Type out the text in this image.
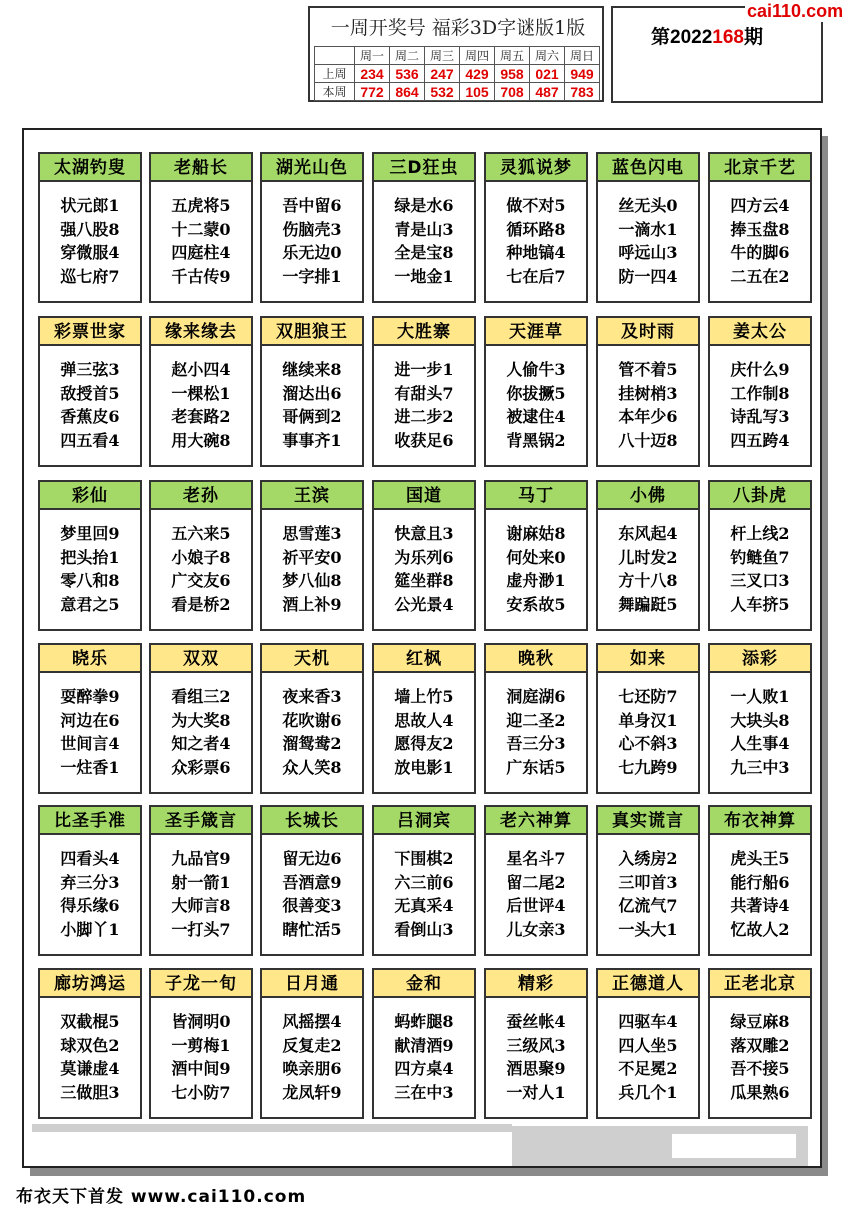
一周开奖号 福彩3D字谜版1版
	周一	周二	周三	周四	周五	周六	周日
上周	234	536	247	429	958	021	949
本周	772	864	532	105	708	487	783
第2022168期
cai110.com
太湖钓叟
状元郎1
强八股8
穿微服4
巡七府7
老船长
五虎将5
十二蒙0
四庭柱4
千古传9
湖光山色
吾中留6
伤脑壳3
乐无边0
一字排1
三D狂虫
绿是水6
青是山3
全是宝8
一地金1
灵狐说梦
做不对5
循环路8
种地镐4
七在后7
蓝色闪电
丝无头0
一滴水1
呼远山3
防一四4
北京千艺
四方云4
捧玉盘8
牛的脚6
二五在2
彩票世家
弹三弦3
敌授首5
香蕉皮6
四五看4
缘来缘去
赵小四4
一棵松1
老套路2
用大碗8
双胆狼王
继续来8
溜达出6
哥俩到2
事事齐1
大胜寨
进一步1
有甜头7
进二步2
收获足6
天涯草
人偷牛3
你拔撅5
被逮住4
背黑锅2
及时雨
管不着5
挂树梢3
本年少6
八十迈8
姜太公
庆什么9
工作制8
诗乱写3
四五跨4
彩仙
梦里回9
把头抬1
零八和8
意君之5
老孙
五六来5
小娘子8
广交友6
看是桥2
王滨
思雪莲3
祈平安0
梦八仙8
酒上补9
国道
快意且3
为乐列6
筵坐群8
公光景4
马丁
谢麻姑8
何处来0
虚舟渺1
安系故5
小佛
东风起4
儿时发2
方十八8
舞蹁跹5
八卦虎
杆上线2
钓鲢鱼7
三叉口3
人车挤5
晓乐
耍醉拳9
河边在6
世间言4
一炷香1
双双
看组三2
为大奖8
知之者4
众彩票6
天机
夜来香3
花吹谢6
溜鸳鸯2
众人笑8
红枫
墙上竹5
思故人4
愿得友2
放电影1
晚秋
洞庭湖6
迎二圣2
吾三分3
广东话5
如来
七还防7
单身汉1
心不斜3
七九跨9
添彩
一人败1
大块头8
人生事4
九三中3
比圣手准
四看头4
弃三分3
得乐缘6
小脚丫1
圣手箴言
九品官9
射一箭1
大师言8
一打头7
长城长
留无边6
吾酒意9
很善变3
瞎忙活5
吕洞宾
下围棋2
六三前6
无真采4
看倒山3
老六神算
星名斗7
留二尾2
后世评4
儿女亲3
真实谎言
入绣房2
三叩首3
亿流气7
一头大1
布衣神算
虎头王5
能行船6
共著诗4
忆故人2
廊坊鸿运
双截棍5
球双色2
莫谦虚4
三做胆3
子龙一旬
皆洞明0
一剪梅1
酒中间9
七小防7
日月通
风摇摆4
反复走2
唤亲朋6
龙凤轩9
金和
蚂蚱腿8
献清酒9
四方桌4
三在中3
精彩
蚕丝帐4
三级风3
酒思聚9
一对人1
正德道人
四驱车4
四人坐5
不足冕2
兵几个1
正老北京
绿豆麻8
落双雕2
吾不接5
瓜果熟6
布衣天下首发 www.cai110.com
